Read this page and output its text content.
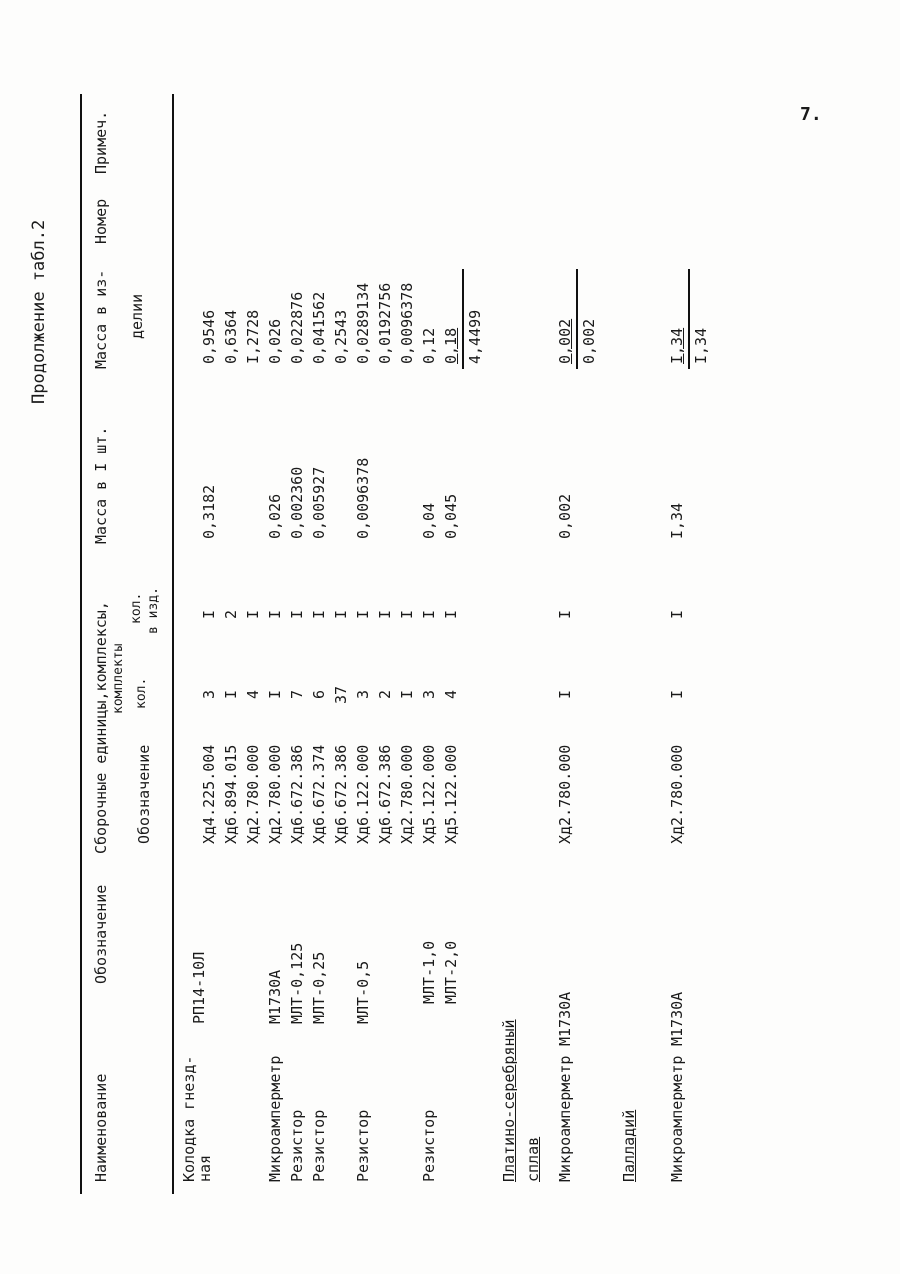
7.
Продолжение табл.2
Наименование
Обозначение
Сборочные единицы,комплексы, комплекты
Обозначение
кол.
кол. в изд.
Масса в I шт.
Масса в из- делии
Номер
Примеч.
Колодка гнезд-
ная
РП14-10Л
Хд4.225.004
3
I
0,3182
0,9546
Хд6.894.015
I
2
0,6364
Хд2.780.000
4
I
I,2728
Микроамперметр
М1730А
Хд2.780.000
I
I
0,026
0,026
Резистор
МЛТ-0,125
Хд6.672.386
7
I
0,002360
0,022876
Резистор
МЛТ-0,25
Хд6.672.374
6
I
0,005927
0,041562
Хд6.672.386
37
I
0,2543
Резистор
МЛТ-0,5
Хд6.122.000
3
I
0,0096378
0,0289134
Хд6.672.386
2
I
0,0192756
Хд2.780.000
I
I
0,0096378
Резистор
МЛТ-1,0
Хд5.122.000
3
I
0,04
0,12
МЛТ-2,0
Хд5.122.000
4
I
0,045
0,18 4,4499
Платино-серебряный сплав Микроамперметр
М1730А
Хд2.780.000
I
I
0,002
0,002 0,002
Палладий Микроамперметр
М1730А
Хд2.780.000
I
I
I,34
I,34 I,34
